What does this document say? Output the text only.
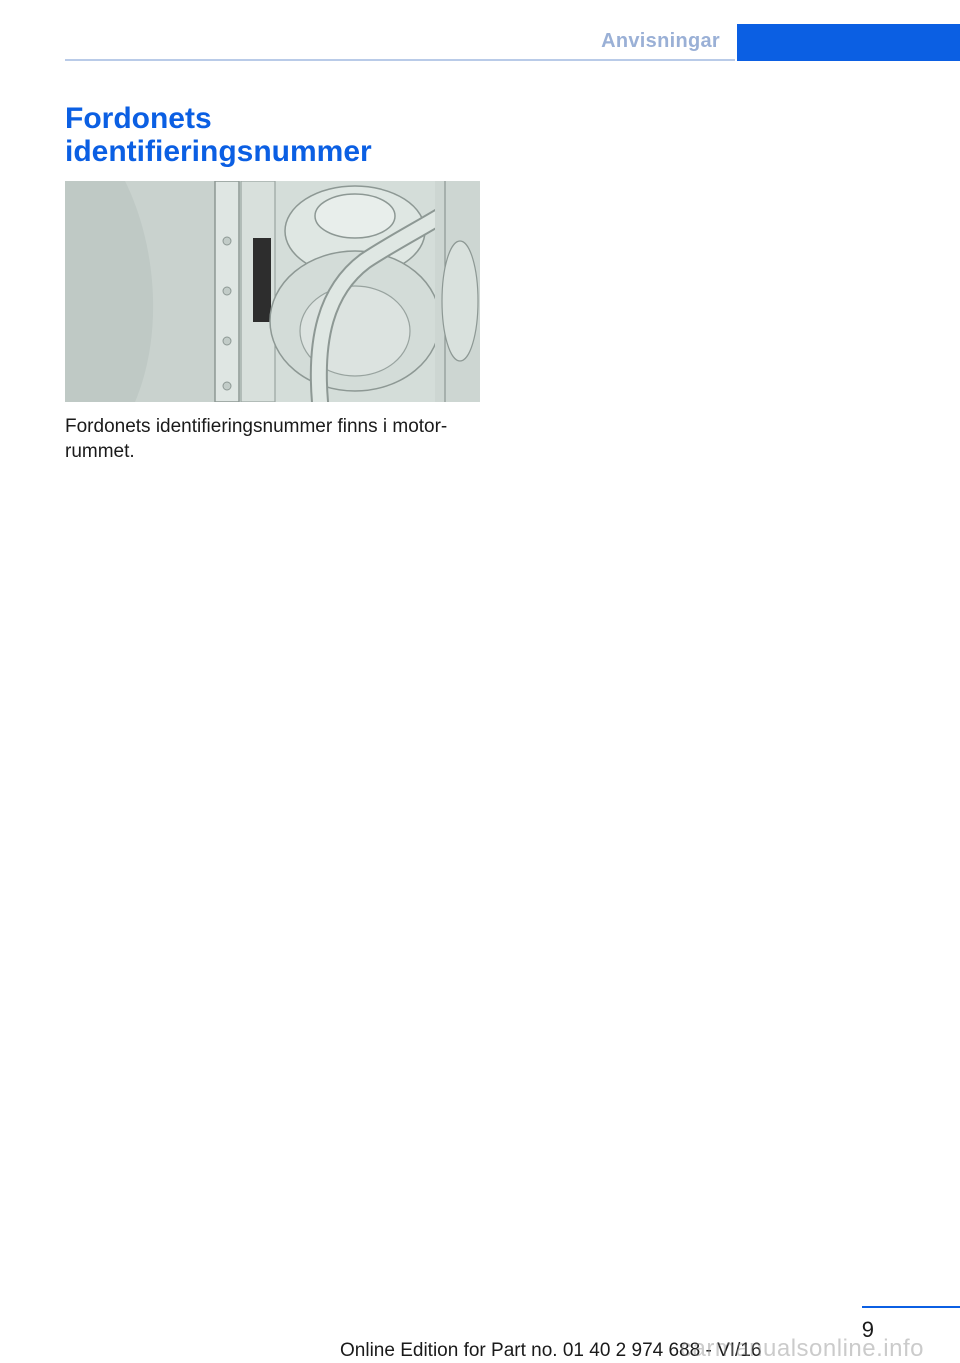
Anvisningar
Fordonets
identifieringsnummer

Fordonets identifieringsnummer finns i motor-
rummet.

9
Online Edition for Part no. 01 40 2 974 688 - VI/16
carmanualsonline.info
